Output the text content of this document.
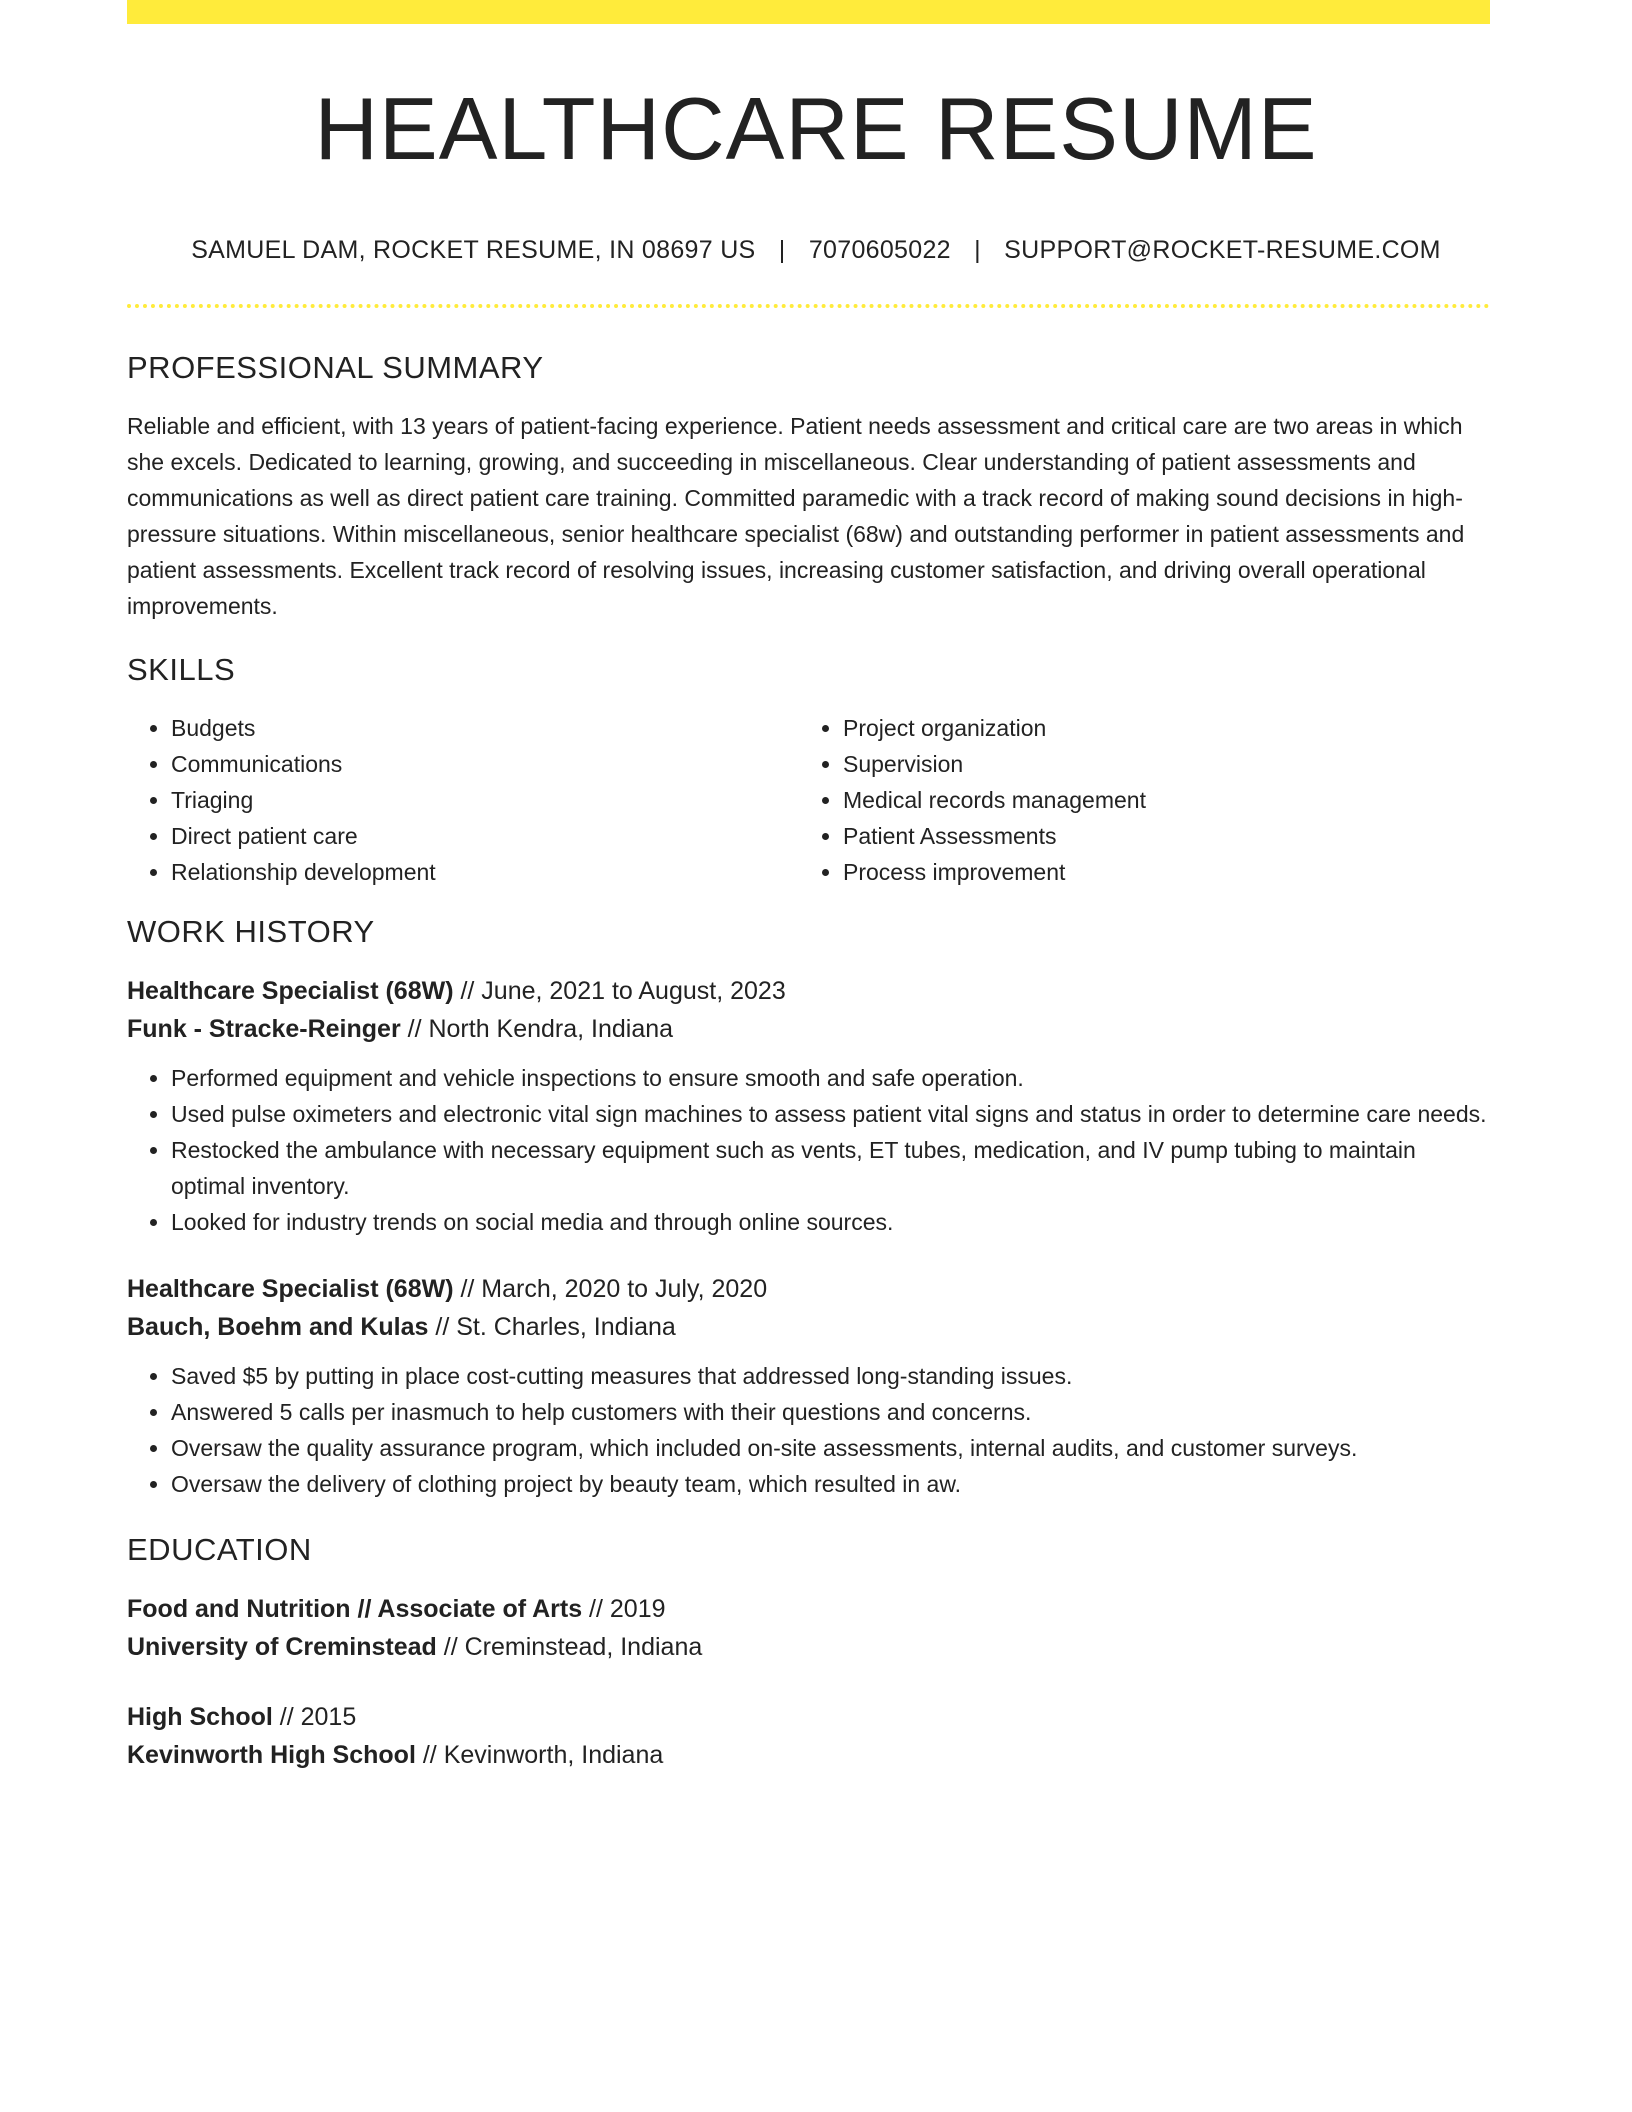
HEALTHCARE RESUME
SAMUEL DAM, ROCKET RESUME, IN 08697 US | 7070605022 | SUPPORT@ROCKET-RESUME.COM
PROFESSIONAL SUMMARY

Reliable and efficient, with 13 years of patient-facing experience. Patient needs assessment and critical care are two areas in which she excels. Dedicated to learning, growing, and succeeding in miscellaneous. Clear understanding of patient assessments and communications as well as direct patient care training. Committed paramedic with a track record of making sound decisions in high-pressure situations. Within miscellaneous, senior healthcare specialist (68w) and outstanding performer in patient assessments and patient assessments. Excellent track record of resolving issues, increasing customer satisfaction, and driving overall operational improvements.

SKILLS
• Budgets
• Communications
• Triaging
• Direct patient care
• Relationship development
• Project organization
• Supervision
• Medical records management
• Patient Assessments
• Process improvement
WORK HISTORY
Healthcare Specialist (68W) // June, 2021 to August, 2023
Funk - Stracke-Reinger // North Kendra, Indiana
• Performed equipment and vehicle inspections to ensure smooth and safe operation.
• Used pulse oximeters and electronic vital sign machines to assess patient vital signs and status in order to determine care needs.
• Restocked the ambulance with necessary equipment such as vents, ET tubes, medication, and IV pump tubing to maintain optimal inventory.
• Looked for industry trends on social media and through online sources.
Healthcare Specialist (68W) // March, 2020 to July, 2020
Bauch, Boehm and Kulas // St. Charles, Indiana
• Saved $5 by putting in place cost-cutting measures that addressed long-standing issues.
• Answered 5 calls per inasmuch to help customers with their questions and concerns.
• Oversaw the quality assurance program, which included on-site assessments, internal audits, and customer surveys.
• Oversaw the delivery of clothing project by beauty team, which resulted in aw.
EDUCATION
Food and Nutrition // Associate of Arts // 2019
University of Creminstead // Creminstead, Indiana
High School // 2015
Kevinworth High School // Kevinworth, Indiana
